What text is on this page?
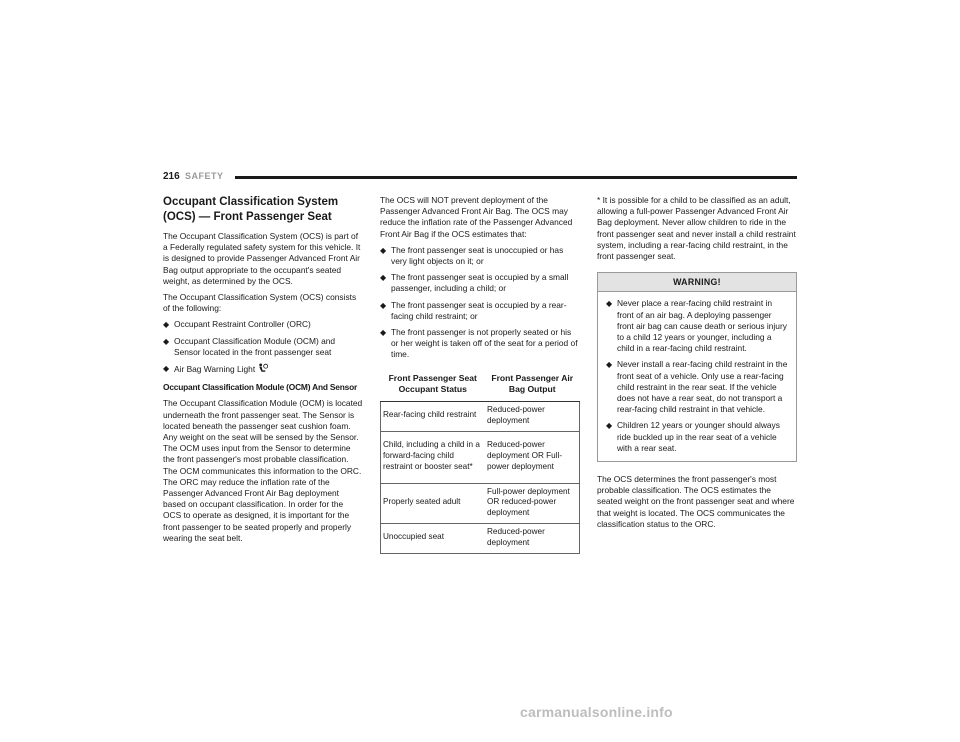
216 SAFETY
Occupant Classification System (OCS) — Front Passenger Seat

The Occupant Classification System (OCS) is part of a Federally regulated safety system for this vehicle. It is designed to provide Passenger Advanced Front Air Bag output appropriate to the occupant's seated weight, as determined by the OCS.

The Occupant Classification System (OCS) consists of the following:

◆ Occupant Restraint Controller (ORC)
◆ Occupant Classification Module (OCM) and Sensor located in the front passenger seat
◆ Air Bag Warning Light
Occupant Classification Module (OCM) And Sensor

The Occupant Classification Module (OCM) is located underneath the front passenger seat. The Sensor is located beneath the passenger seat cushion foam. Any weight on the seat will be sensed by the Sensor. The OCM uses input from the Sensor to determine the front passenger's most probable classification. The OCM communicates this information to the ORC. The ORC may reduce the inflation rate of the Passenger Advanced Front Air Bag deployment based on occupant classification. In order for the OCS to operate as designed, it is important for the front passenger to be seated properly and properly wearing the seat belt.

The OCS will NOT prevent deployment of the Passenger Advanced Front Air Bag. The OCS may reduce the inflation rate of the Passenger Advanced Front Air Bag if the OCS estimates that:

◆ The front passenger seat is unoccupied or has very light objects on it; or
◆ The front passenger seat is occupied by a small passenger, including a child; or
◆ The front passenger seat is occupied by a rear-facing child restraint; or
◆ The front passenger is not properly seated or his or her weight is taken off of the seat for a period of time.
Front Passenger Seat Occupant Status	Front Passenger Air Bag Output
Rear-facing child restraint	Reduced-power deployment
Child, including a child in a forward-facing child restraint or booster seat*	Reduced-power deployment OR Full-power deployment
Properly seated adult	Full-power deployment OR reduced-power deployment
Unoccupied seat	Reduced-power deployment

* It is possible for a child to be classified as an adult, allowing a full-power Passenger Advanced Front Air Bag deployment. Never allow children to ride in the front passenger seat and never install a child restraint system, including a rear-facing child restraint, in the front passenger seat.

WARNING!
◆ Never place a rear-facing child restraint in front of an air bag. A deploying passenger front air bag can cause death or serious injury to a child 12 years or younger, including a child in a rear-facing child restraint.
◆ Never install a rear-facing child restraint in the front seat of a vehicle. Only use a rear-facing child restraint in the rear seat. If the vehicle does not have a rear seat, do not transport a rear-facing child restraint in that vehicle.
◆ Children 12 years or younger should always ride buckled up in the rear seat of a vehicle with a rear seat.

The OCS determines the front passenger's most probable classification. The OCS estimates the seated weight on the front passenger seat and where that weight is located. The OCS communicates the classification status to the ORC.

carmanualsonline.info
